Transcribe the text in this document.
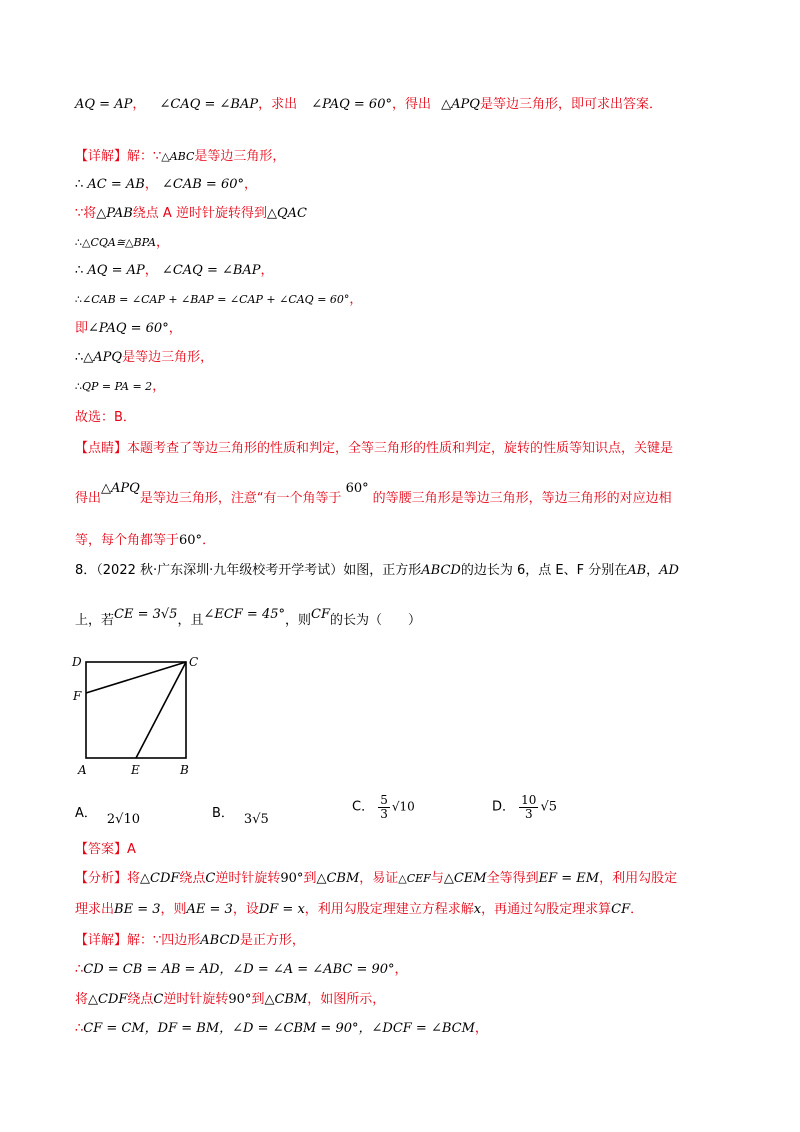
AQ = AP， ∠CAQ = ∠BAP，求出 ∠PAQ = 60°，得出 △APQ是等边三角形，即可求出答案．
【详解】解：∵△ABC是等边三角形，
∴ AC = AB， ∠CAB = 60°，
∵将△PAB绕点 A 逆时针旋转得到△QAC
∴△CQA≅△BPA，
∴ AQ = AP， ∠CAQ = ∠BAP，
∴∠CAB = ∠CAP + ∠BAP = ∠CAP + ∠CAQ = 60°，
即∠PAQ = 60°，
∴△APQ是等边三角形，
∴QP = PA = 2，
故选：B．
【点睛】本题考查了等边三角形的性质和判定，全等三角形的性质和判定，旋转的性质等知识点，关键是
得出△APQ是等边三角形，注意“有一个角等于60°的等腰三角形是等边三角形，等边三角形的对应边相
等，每个角都等于60°．
8．（2022 秋·广东深圳·九年级校考开学考试）如图，正方形ABCD的边长为 6，点 E、F 分别在AB，AD
上，若CE = 3√5，且∠ECF = 45°，则CF的长为（　　）
D	C
F
A	E	B
A． 2√10	B． 3√5
C． $\frac{5}{3} √10$	D． $\frac{10}{3} √5$
【答案】A
【分析】将△CDF绕点C逆时针旋转90°到△CBM，易证△CEF与△CEM全等得到EF = EM，利用勾股定
理求出BE = 3，则AE = 3，设DF = x，利用勾股定理建立方程求解x，再通过勾股定理求算CF．
【详解】解：∵四边形ABCD是正方形，
∴CD = CB = AB = AD，∠D = ∠A = ∠ABC = 90°，
将△CDF绕点C逆时针旋转90°到△CBM，如图所示，
∴CF = CM，DF = BM，∠D = ∠CBM = 90°，∠DCF = ∠BCM，
